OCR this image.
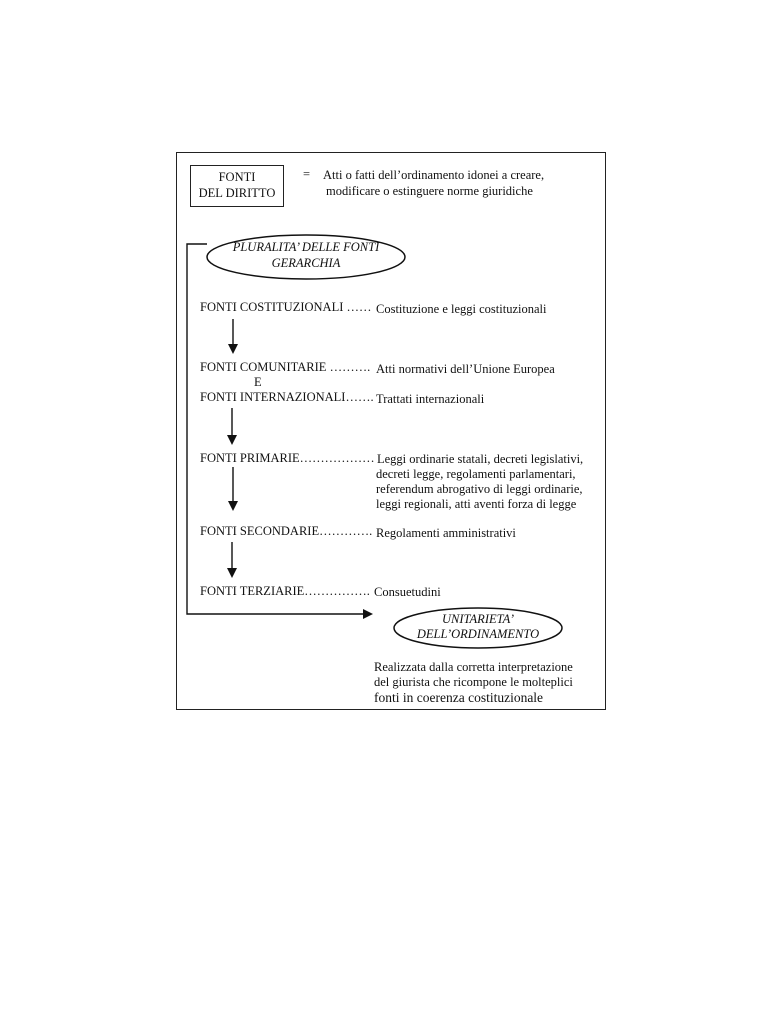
FONTI
DEL DIRITTO
= Atti o fatti dell’ordinamento idonei a creare,
modificare o estinguere norme giuridiche
PLURALITA’ DELLE FONTI
GERARCHIA
UNITARIETA’
DELL’ORDINAMENTO
FONTI COSTITUZIONALI …… Costituzione e leggi costituzionali
FONTI COMUNITARIE ………. Atti normativi dell’Unione Europea
E
FONTI INTERNAZIONALI……. Trattati internazionali
FONTI PRIMARIE……………… Leggi ordinarie statali, decreti legislativi,
decreti legge, regolamenti parlamentari,
referendum abrogativo di leggi ordinarie,
leggi regionali, atti aventi forza di legge
FONTI SECONDARIE…………. Regolamenti amministrativi
FONTI TERZIARIE……………. Consuetudini
Realizzata dalla corretta interpretazione
del giurista che ricompone le molteplici
fonti in coerenza costituzionale
